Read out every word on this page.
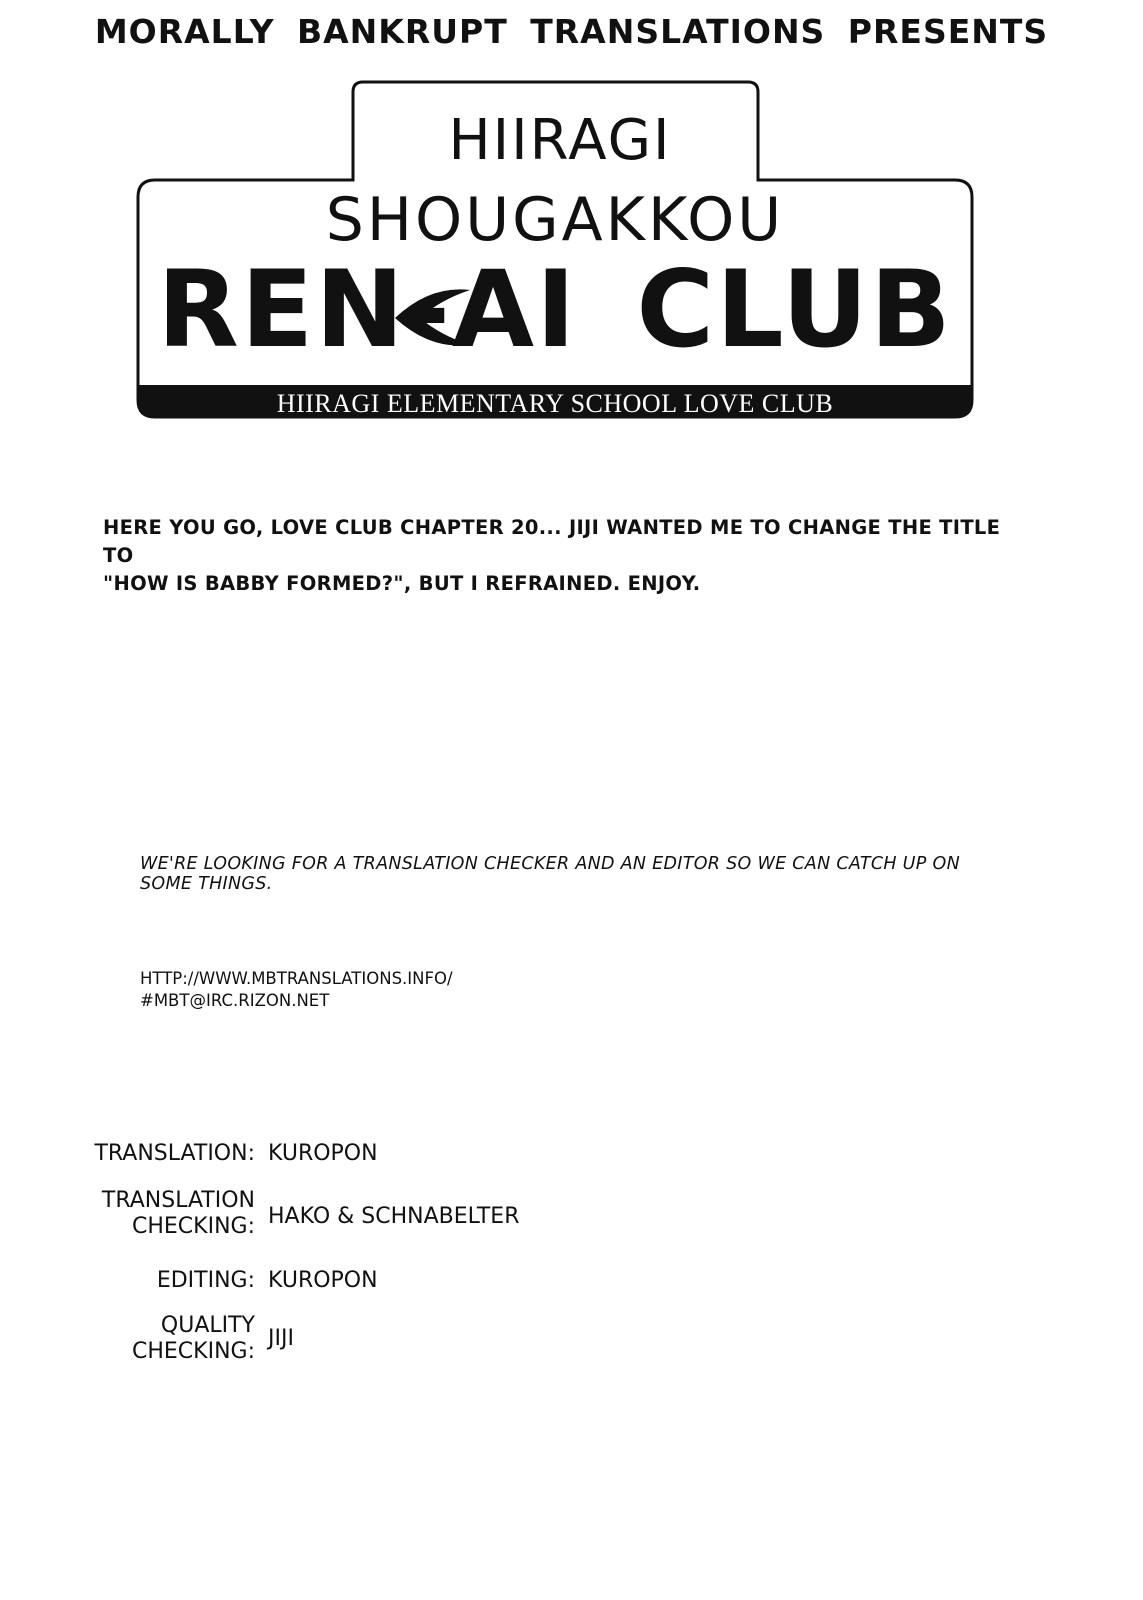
MORALLY BANKRUPT TRANSLATIONS PRESENTS
HIIRAGI
SHOUGAKKOU
REN-AI CLUB
HIIRAGI ELEMENTARY SCHOOL LOVE CLUB
HERE YOU GO, LOVE CLUB CHAPTER 20... JIJI WANTED ME TO CHANGE THE TITLE TO
"HOW IS BABBY FORMED?", BUT I REFRAINED. ENJOY.
WE'RE LOOKING FOR A TRANSLATION CHECKER AND AN EDITOR SO WE CAN CATCH UP ON
SOME THINGS.
HTTP://WWW.MBTRANSLATIONS.INFO/
#MBT@IRC.RIZON.NET
TRANSLATION: KUROPON
TRANSLATION
CHECKING: HAKO & SCHNABELTER
EDITING: KUROPON
QUALITY
CHECKING:
JIJI
